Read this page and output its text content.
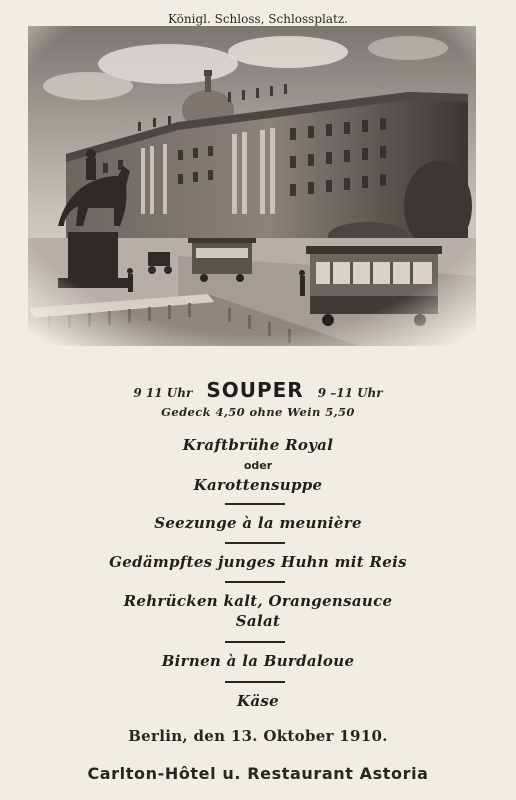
Königl. Schloss, Schlossplatz.
9 11 Uhr SOUPER 9 –11 Uhr
Gedeck 4,50 ohne Wein 5,50
Kraftbrühe Royal
oder
Karottensuppe
Seezunge à la meunière
Gedämpftes junges Huhn mit Reis
Rehrücken kalt, Orangensauce
Salat
Birnen à la Burdaloue
Käse
Berlin, den 13. Oktober 1910.
Carlton-Hôtel u. Restaurant Astoria
